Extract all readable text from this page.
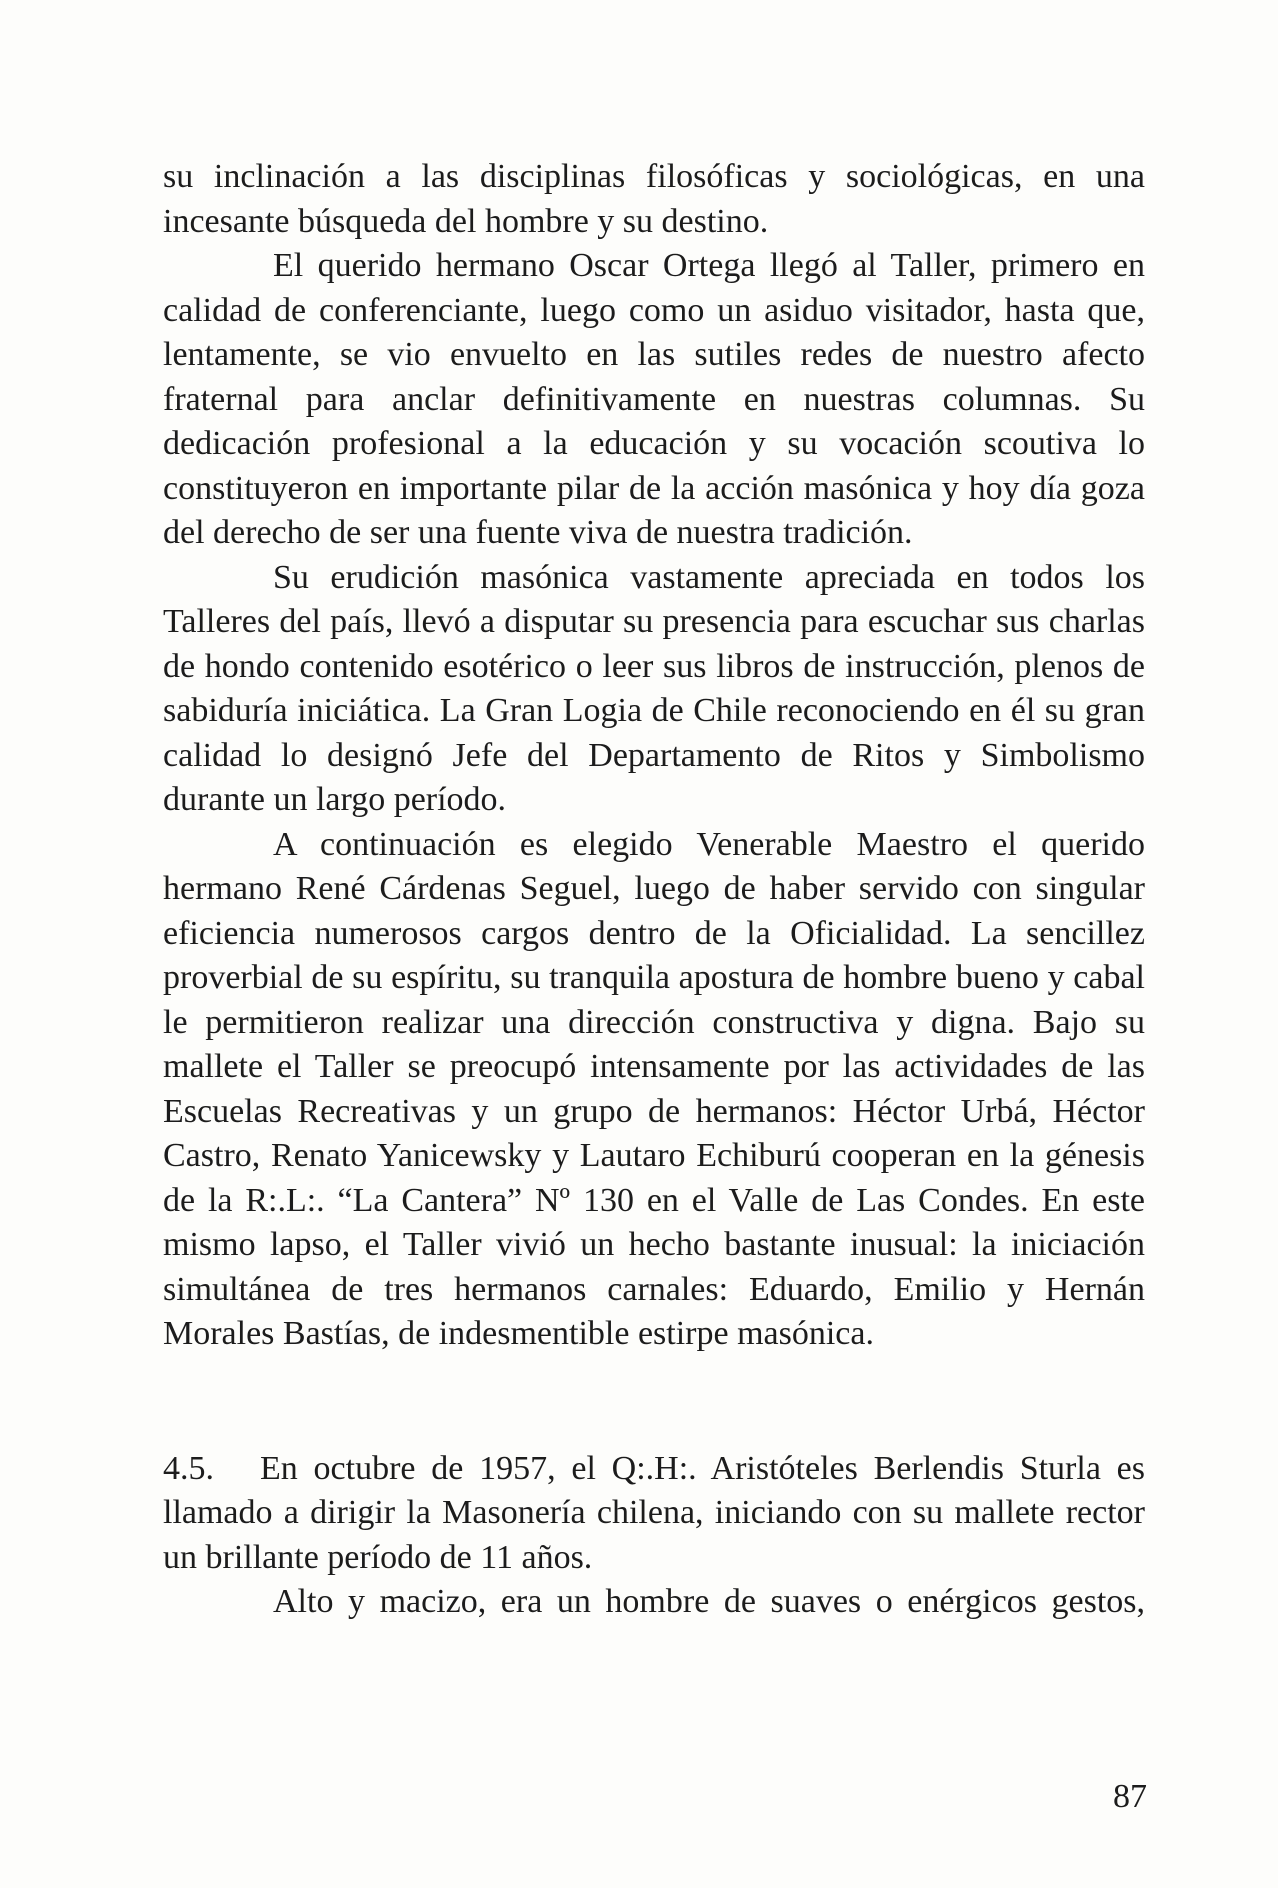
su inclinación a las disciplinas filosóficas y sociológicas, en una incesante búsqueda del hombre y su destino.

El querido hermano Oscar Ortega llegó al Taller, primero en calidad de conferenciante, luego como un asiduo visitador, hasta que, lentamente, se vio envuelto en las sutiles redes de nuestro afecto fraternal para anclar definitivamente en nuestras columnas. Su dedicación profesional a la educación y su vocación scoutiva lo constituyeron en importante pilar de la acción masónica y hoy día goza del derecho de ser una fuente viva de nuestra tradición.

Su erudición masónica vastamente apreciada en todos los Talleres del país, llevó a disputar su presencia para escuchar sus charlas de hondo contenido esotérico o leer sus libros de instrucción, plenos de sabiduría iniciática. La Gran Logia de Chile reconociendo en él su gran calidad lo designó Jefe del Departamento de Ritos y Simbolismo durante un largo período.

A continuación es elegido Venerable Maestro el querido hermano René Cárdenas Seguel, luego de haber servido con singular eficiencia numerosos cargos dentro de la Oficialidad. La sencillez proverbial de su espíritu, su tranquila apostura de hombre bueno y cabal le permitieron realizar una dirección constructiva y digna. Bajo su mallete el Taller se preocupó intensamente por las actividades de las Escuelas Recreativas y un grupo de hermanos: Héctor Urbá, Héctor Castro, Renato Yanicewsky y Lautaro Echiburú cooperan en la génesis de la R:.L:. “La Cantera” Nº 130 en el Valle de Las Condes. En este mismo lapso, el Taller vivió un hecho bastante inusual: la iniciación simultánea de tres hermanos carnales: Eduardo, Emilio y Hernán Morales Bastías, de indesmentible estirpe masónica.

4.5. En octubre de 1957, el Q:.H:. Aristóteles Berlendis Sturla es llamado a dirigir la Masonería chilena, iniciando con su mallete rector un brillante período de 11 años.

Alto y macizo, era un hombre de suaves o enérgicos gestos,

87
